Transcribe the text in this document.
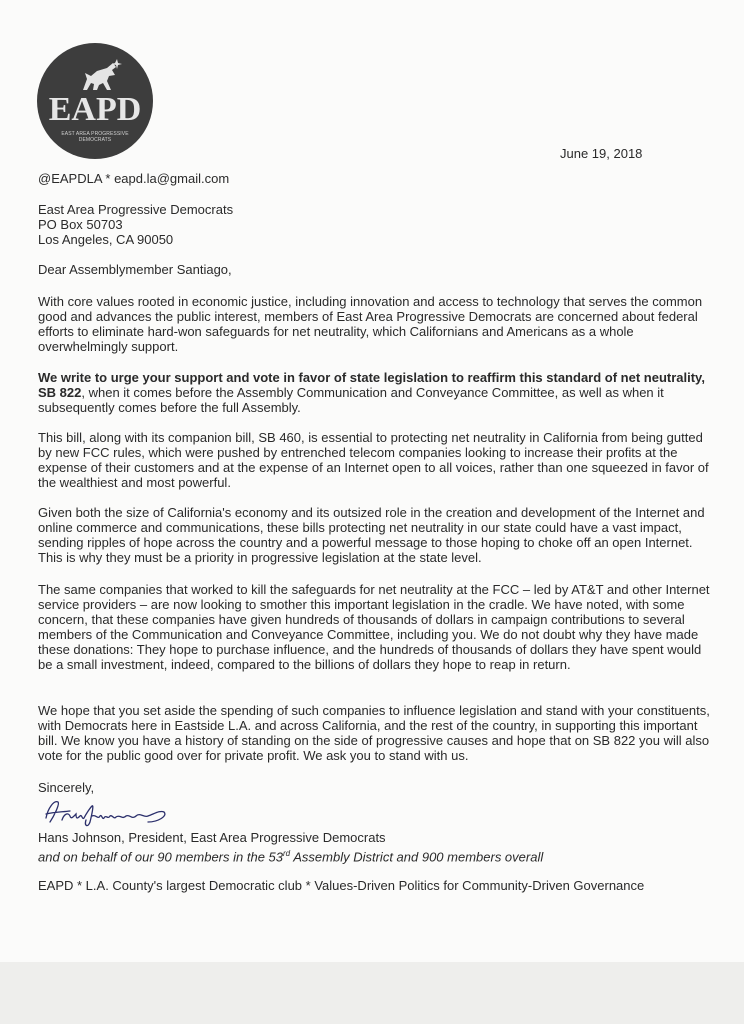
EAPD
EAST AREA PROGRESSIVE DEMOCRATS
June 19, 2018
@EAPDLA * eapd.la@gmail.com
East Area Progressive Democrats
PO Box 50703
Los Angeles, CA 90050
Dear Assemblymember Santiago,

With core values rooted in economic justice, including innovation and access to technology that serves the common good and advances the public interest, members of East Area Progressive Democrats are concerned about federal efforts to eliminate hard-won safeguards for net neutrality, which Californians and Americans as a whole overwhelmingly support.

We write to urge your support and vote in favor of state legislation to reaffirm this standard of net neutrality, SB 822, when it comes before the Assembly Communication and Conveyance Committee, as well as when it subsequently comes before the full Assembly.

This bill, along with its companion bill, SB 460, is essential to protecting net neutrality in California from being gutted by new FCC rules, which were pushed by entrenched telecom companies looking to increase their profits at the expense of their customers and at the expense of an Internet open to all voices, rather than one squeezed in favor of the wealthiest and most powerful.

Given both the size of California's economy and its outsized role in the creation and development of the Internet and online commerce and communications, these bills protecting net neutrality in our state could have a vast impact, sending ripples of hope across the country and a powerful message to those hoping to choke off an open Internet. This is why they must be a priority in progressive legislation at the state level.

The same companies that worked to kill the safeguards for net neutrality at the FCC – led by AT&T and other Internet service providers – are now looking to smother this important legislation in the cradle. We have noted, with some concern, that these companies have given hundreds of thousands of dollars in campaign contributions to several members of the Communication and Conveyance Committee, including you. We do not doubt why they have made these donations: They hope to purchase influence, and the hundreds of thousands of dollars they have spent would be a small investment, indeed, compared to the billions of dollars they hope to reap in return.

We hope that you set aside the spending of such companies to influence legislation and stand with your constituents, with Democrats here in Eastside L.A. and across California, and the rest of the country, in supporting this important bill. We know you have a history of standing on the side of progressive causes and hope that on SB 822 you will also vote for the public good over for private profit. We ask you to stand with us.

Sincerely,
Hans Johnson, President, East Area Progressive Democrats
and on behalf of our 90 members in the 53rd Assembly District and 900 members overall
EAPD * L.A. County's largest Democratic club * Values-Driven Politics for Community-Driven Governance
